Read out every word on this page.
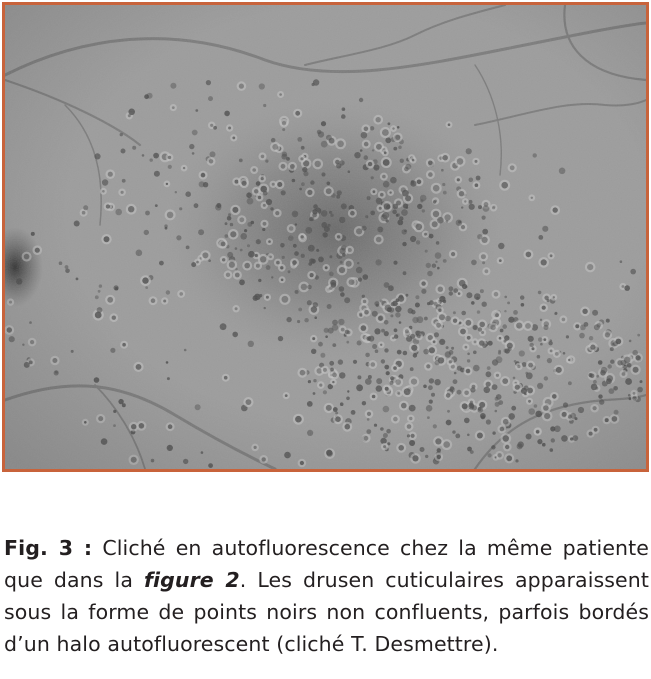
Fig. 3 : Cliché en autofluorescence chez la même patiente que dans la figure 2. Les drusen cuticulaires apparaissent sous la forme de points noirs non confluents, parfois bordés d’un halo autofluorescent (cliché T. Desmettre).
